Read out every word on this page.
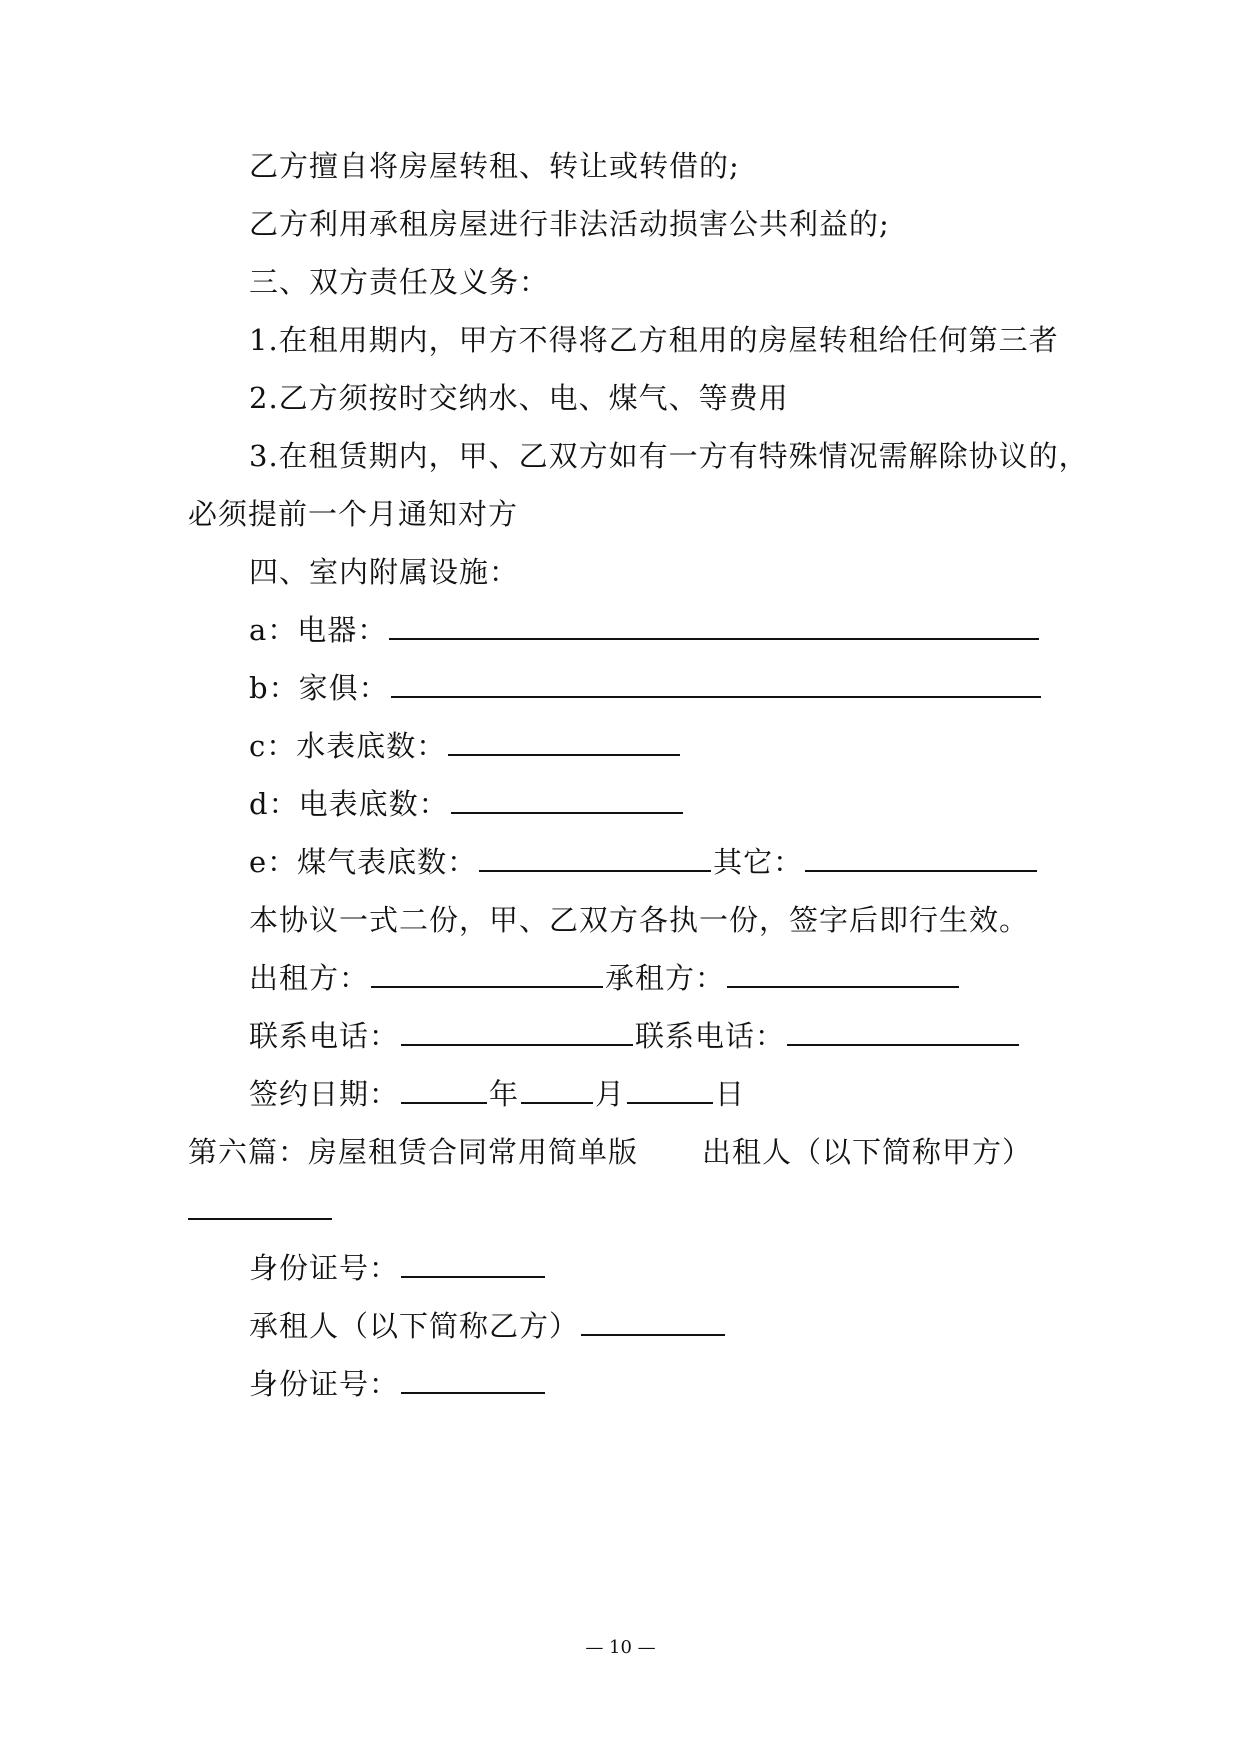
乙方擅自将房屋转租、转让或转借的;
乙方利用承租房屋进行非法活动损害公共利益的;
三、双方责任及义务：
1.在租用期内，甲方不得将乙方租用的房屋转租给任何第三者
2.乙方须按时交纳水、电、煤气、等费用
3.在租赁期内，甲、乙双方如有一方有特殊情况需解除协议的，
必须提前一个月通知对方
四、室内附属设施：
a：电器：
b：家俱：
c：水表底数：
d：电表底数：
e：煤气表底数：	其它：
本协议一式二份，甲、乙双方各执一份，签字后即行生效。
出租方：	承租方：
联系电话：	联系电话：
签约日期：	年	月	日
第六篇：房屋租赁合同常用简单版 出租人（以下简称甲方）
身份证号：
承租人（以下简称乙方）
身份证号：
— 10 —
